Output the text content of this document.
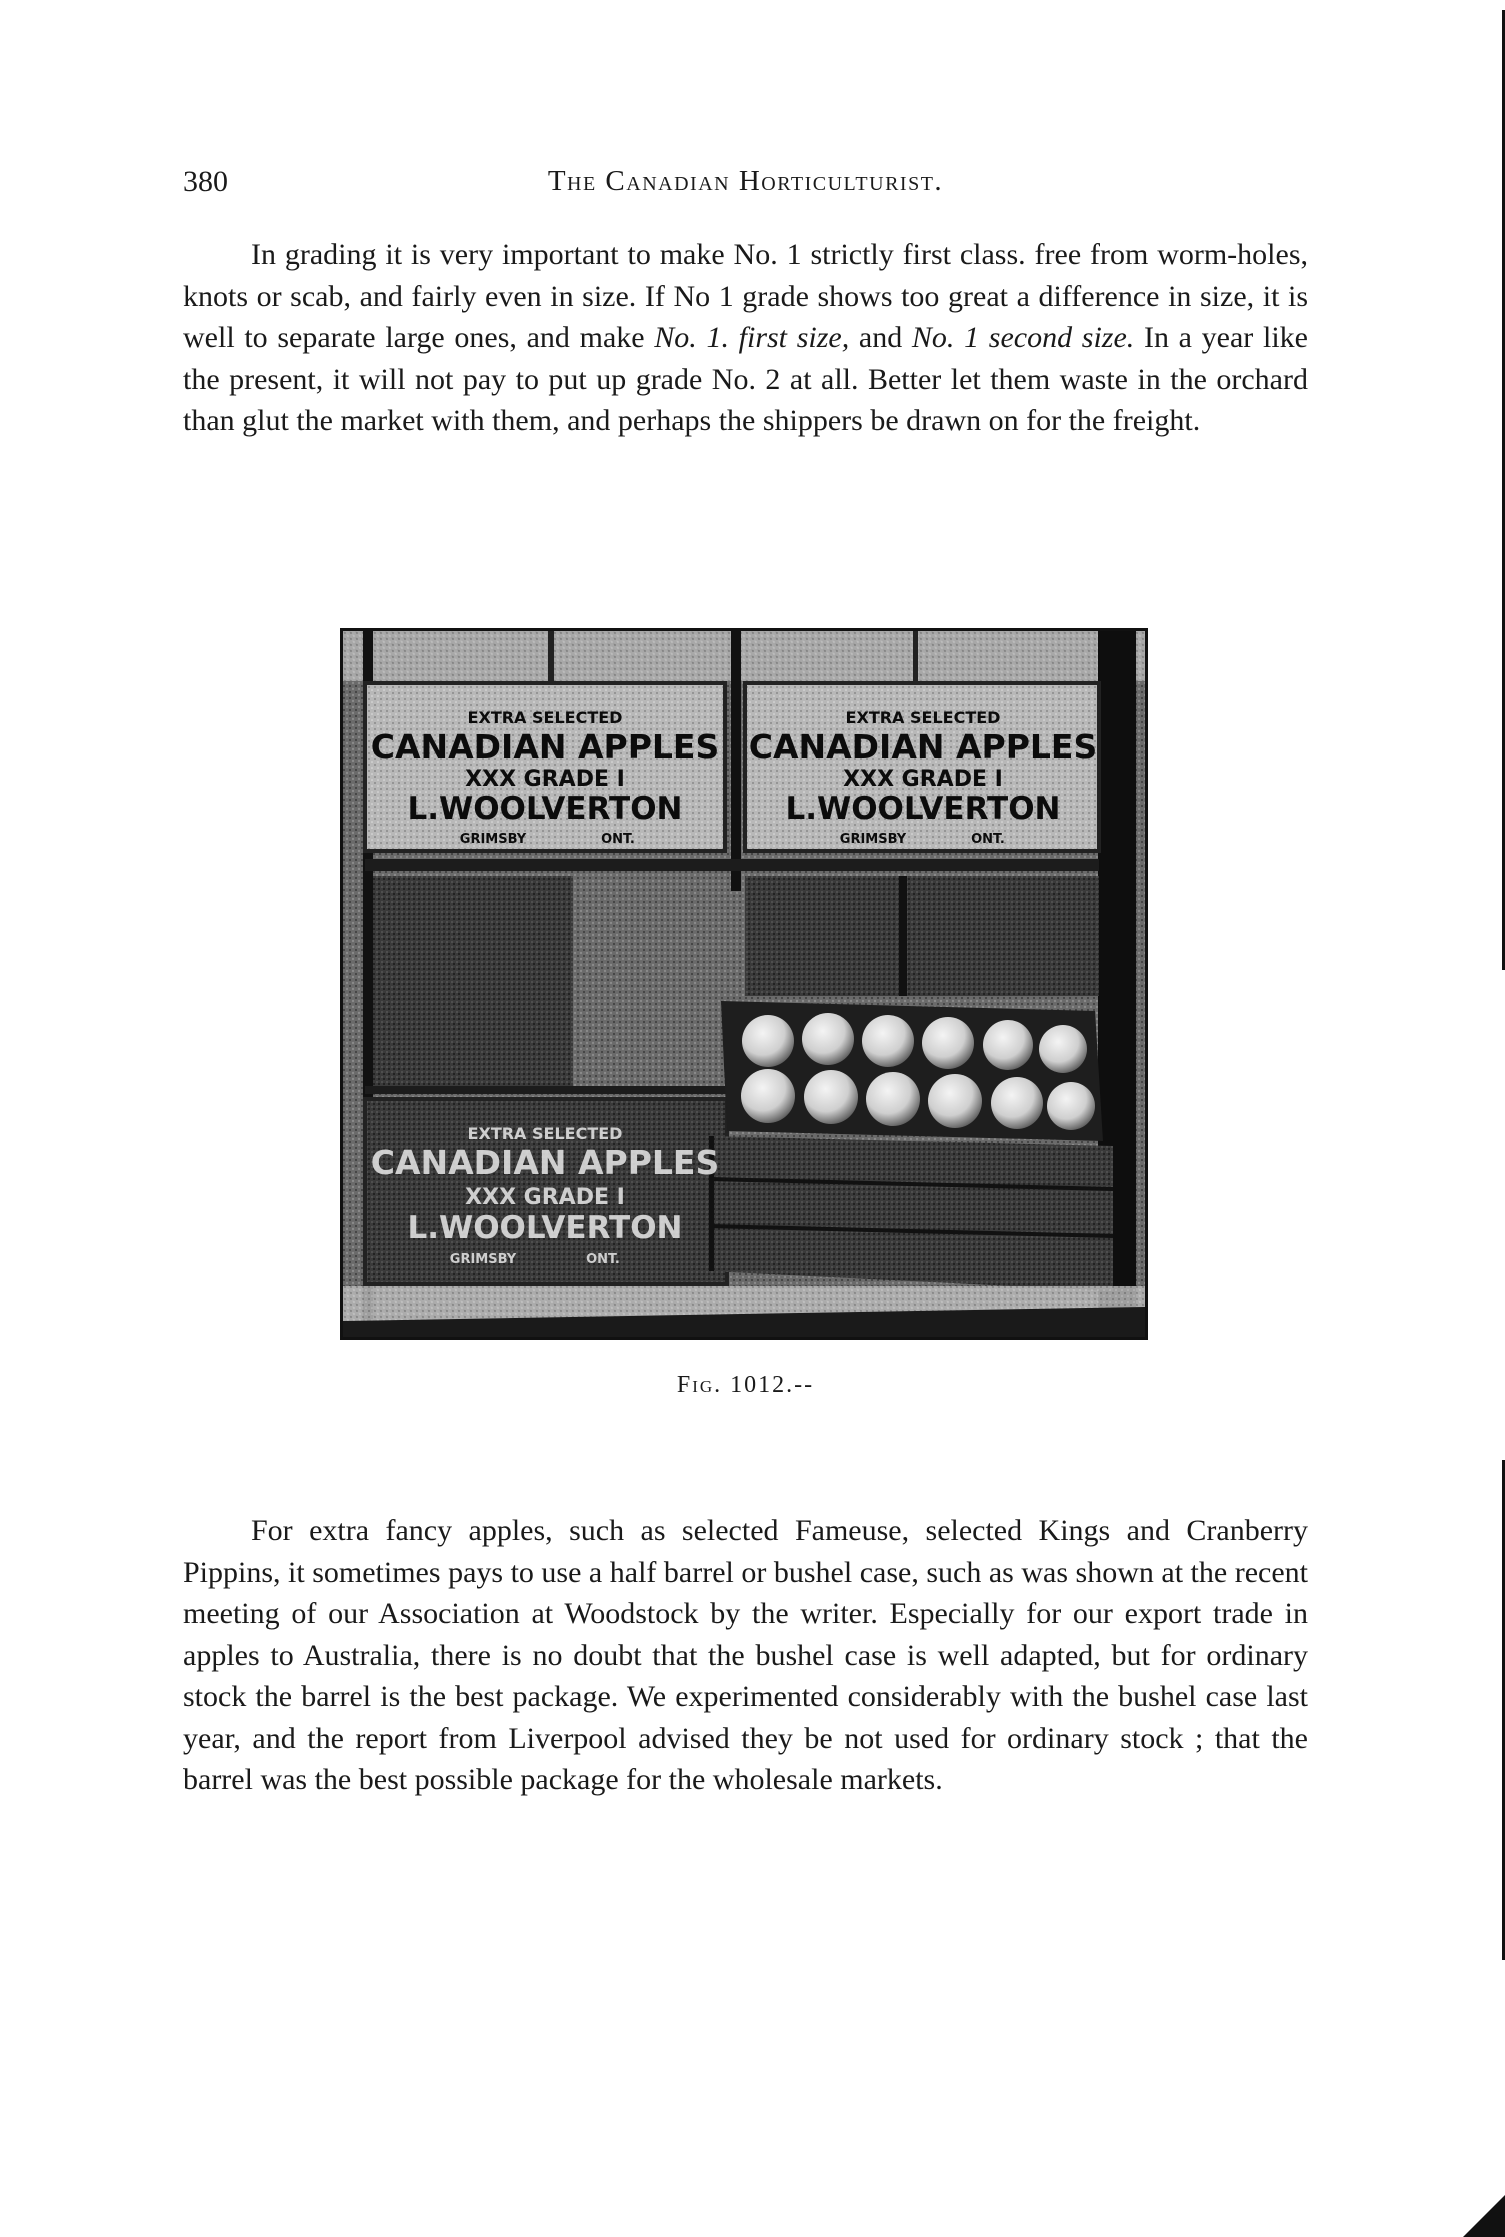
380	The Canadian Horticulturist.

In grading it is very important to make No. 1 strictly first class. free from worm-holes, knots or scab, and fairly even in size. If No 1 grade shows too great a difference in size, it is well to separate large ones, and make No. 1. first size, and No. 1 second size. In a year like the present, it will not pay to put up grade No. 2 at all. Better let them waste in the orchard than glut the market with them, and perhaps the shippers be drawn on for the freight.

EXTRA SELECTED
CANADIAN APPLES
XXX GRADE I
L.WOOLVERTON
GRIMSBY	ONT.
EXTRA SELECTED
CANADIAN APPLES
XXX GRADE I
L.WOOLVERTON
GRIMSBY	ONT.
EXTRA SELECTED
CANADIAN APPLES
XXX GRADE I
L.WOOLVERTON
GRIMSBY	ONT.
Fig. 1012.--

For extra fancy apples, such as selected Fameuse, selected Kings and Cranberry Pippins, it sometimes pays to use a half barrel or bushel case, such as was shown at the recent meeting of our Association at Woodstock by the writer. Especially for our export trade in apples to Australia, there is no doubt that the bushel case is well adapted, but for ordinary stock the barrel is the best package. We experimented considerably with the bushel case last year, and the report from Liverpool advised they be not used for ordinary stock ; that the barrel was the best possible package for the wholesale markets.
